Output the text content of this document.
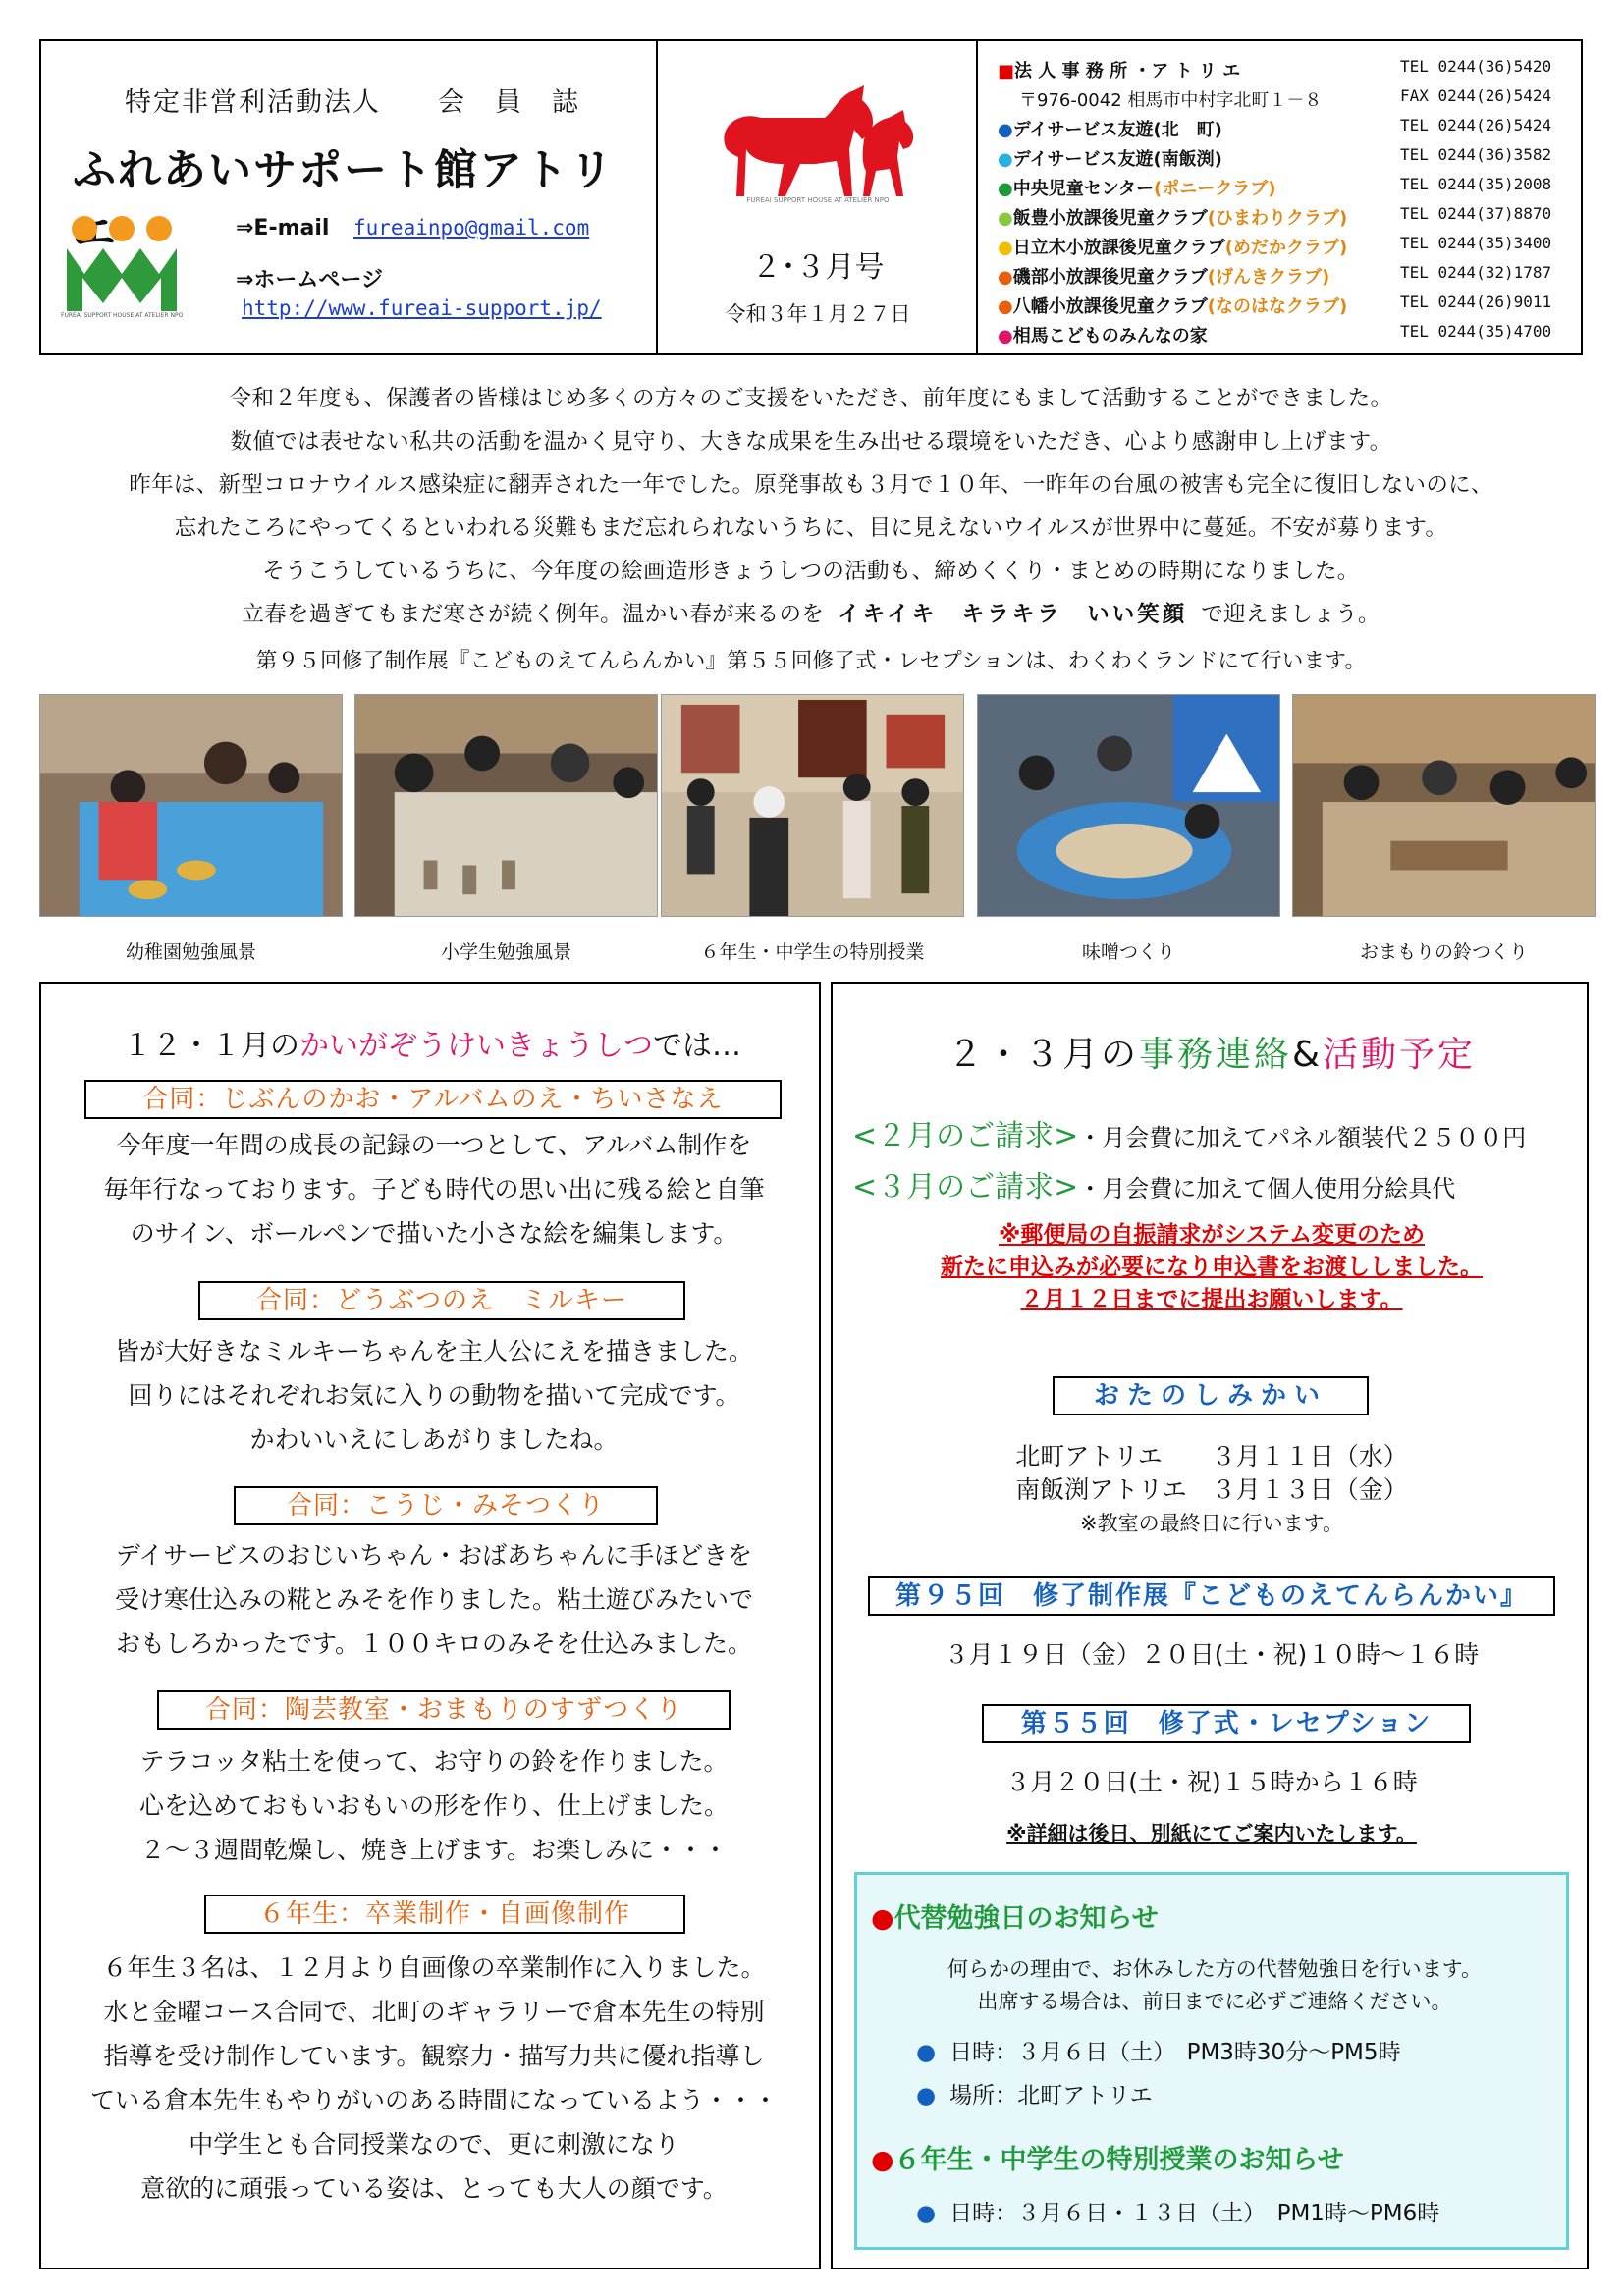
特定非営利活動法人　　会　員　誌
ふれあいサポート館アトリ
FUREAI SUPPORT HOUSE AT ATELIER NPO
⇒E-mail fureainpo@gmail.com
⇒ホームページ
http://www.fureai-support.jp/
FUREAI SUPPORT HOUSE AT ATELIER NPO
２･３月号
令和３年１月２７日
■法 人 事 務 所 ・ア ト リ エ	TEL 0244(36)5420
〒976-0042 相馬市中村字北町１－８	FAX 0244(26)5424
●デイサービス友遊(北　町)	TEL 0244(26)5424
●デイサービス友遊(南飯渕)	TEL 0244(36)3582
●中央児童センター(ポニークラブ)	TEL 0244(35)2008
●飯豊小放課後児童クラブ(ひまわりクラブ)	TEL 0244(37)8870
●日立木小放課後児童クラブ(めだかクラブ)	TEL 0244(35)3400
●磯部小放課後児童クラブ(げんきクラブ)	TEL 0244(32)1787
●八幡小放課後児童クラブ(なのはなクラブ)	TEL 0244(26)9011
●相馬こどものみんなの家	TEL 0244(35)4700
令和２年度も、保護者の皆様はじめ多くの方々のご支援をいただき、前年度にもまして活動することができました。
数値では表せない私共の活動を温かく見守り、大きな成果を生み出せる環境をいただき、心より感謝申し上げます。
昨年は、新型コロナウイルス感染症に翻弄された一年でした。原発事故も３月で１０年、一昨年の台風の被害も完全に復旧しないのに、
忘れたころにやってくるといわれる災難もまだ忘れられないうちに、目に見えないウイルスが世界中に蔓延。不安が募ります。
そうこうしているうちに、今年度の絵画造形きょうしつの活動も、締めくくり・まとめの時期になりました。
立春を過ぎてもまだ寒さが続く例年。温かい春が来るのを イキイキ　キラキラ　いい笑顔 で迎えましょう。
第９５回修了制作展『こどものえてんらんかい』第５５回修了式・レセプションは、わくわくランドにて行います。
幼稚園勉強風景	小学生勉強風景	６年生・中学生の特別授業	味噌つくり	おまもりの鈴つくり
１２・１月のかいがぞうけいきょうしつでは…
合同：じぶんのかお・アルバムのえ・ちいさなえ
今年度一年間の成長の記録の一つとして、アルバム制作を
毎年行なっております。子ども時代の思い出に残る絵と自筆
のサイン、ボールペンで描いた小さな絵を編集します。
合同：どうぶつのえ　ミルキー
皆が大好きなミルキーちゃんを主人公にえを描きました。
回りにはそれぞれお気に入りの動物を描いて完成です。
かわいいえにしあがりましたね。
合同：こうじ・みそつくり
デイサービスのおじいちゃん・おばあちゃんに手ほどきを
受け寒仕込みの糀とみそを作りました。粘土遊びみたいで
おもしろかったです。１００キロのみそを仕込みました。
合同：陶芸教室・おまもりのすずつくり
テラコッタ粘土を使って、お守りの鈴を作りました。
心を込めておもいおもいの形を作り、仕上げました。
２～３週間乾燥し、焼き上げます。お楽しみに・・・
６年生：卒業制作・自画像制作
６年生３名は、１２月より自画像の卒業制作に入りました。
水と金曜コース合同で、北町のギャラリーで倉本先生の特別
指導を受け制作しています。観察力・描写力共に優れ指導し
ている倉本先生もやりがいのある時間になっているよう・・・
中学生とも合同授業なので、更に刺激になり
意欲的に頑張っている姿は、とっても大人の顔です。
２・３月の事務連絡&活動予定
<２月のご請求>・月会費に加えてパネル額装代２５００円
<３月のご請求>・月会費に加えて個人使用分絵具代
※郵便局の自振請求がシステム変更のため
新たに申込みが必要になり申込書をお渡ししました。
２月１２日までに提出お願いします。
おたのしみかい
北町アトリエ　　３月１１日（水）
南飯渕アトリエ　３月１３日（金）
※教室の最終日に行います。
第９５回　修了制作展『こどものえてんらんかい』
３月１９日（金）２０日(土・祝)１０時～１６時
第５５回　修了式・レセプション
３月２０日(土・祝)１５時から１６時
※詳細は後日、別紙にてご案内いたします。
●代替勉強日のお知らせ
何らかの理由で、お休みした方の代替勉強日を行います。
出席する場合は、前日までに必ずご連絡ください。
● 日時：３月６日（土）　PM3時30分～PM5時
● 場所：北町アトリエ
●６年生・中学生の特別授業のお知らせ
● 日時：３月６日・１３日（土）　PM1時～PM6時
